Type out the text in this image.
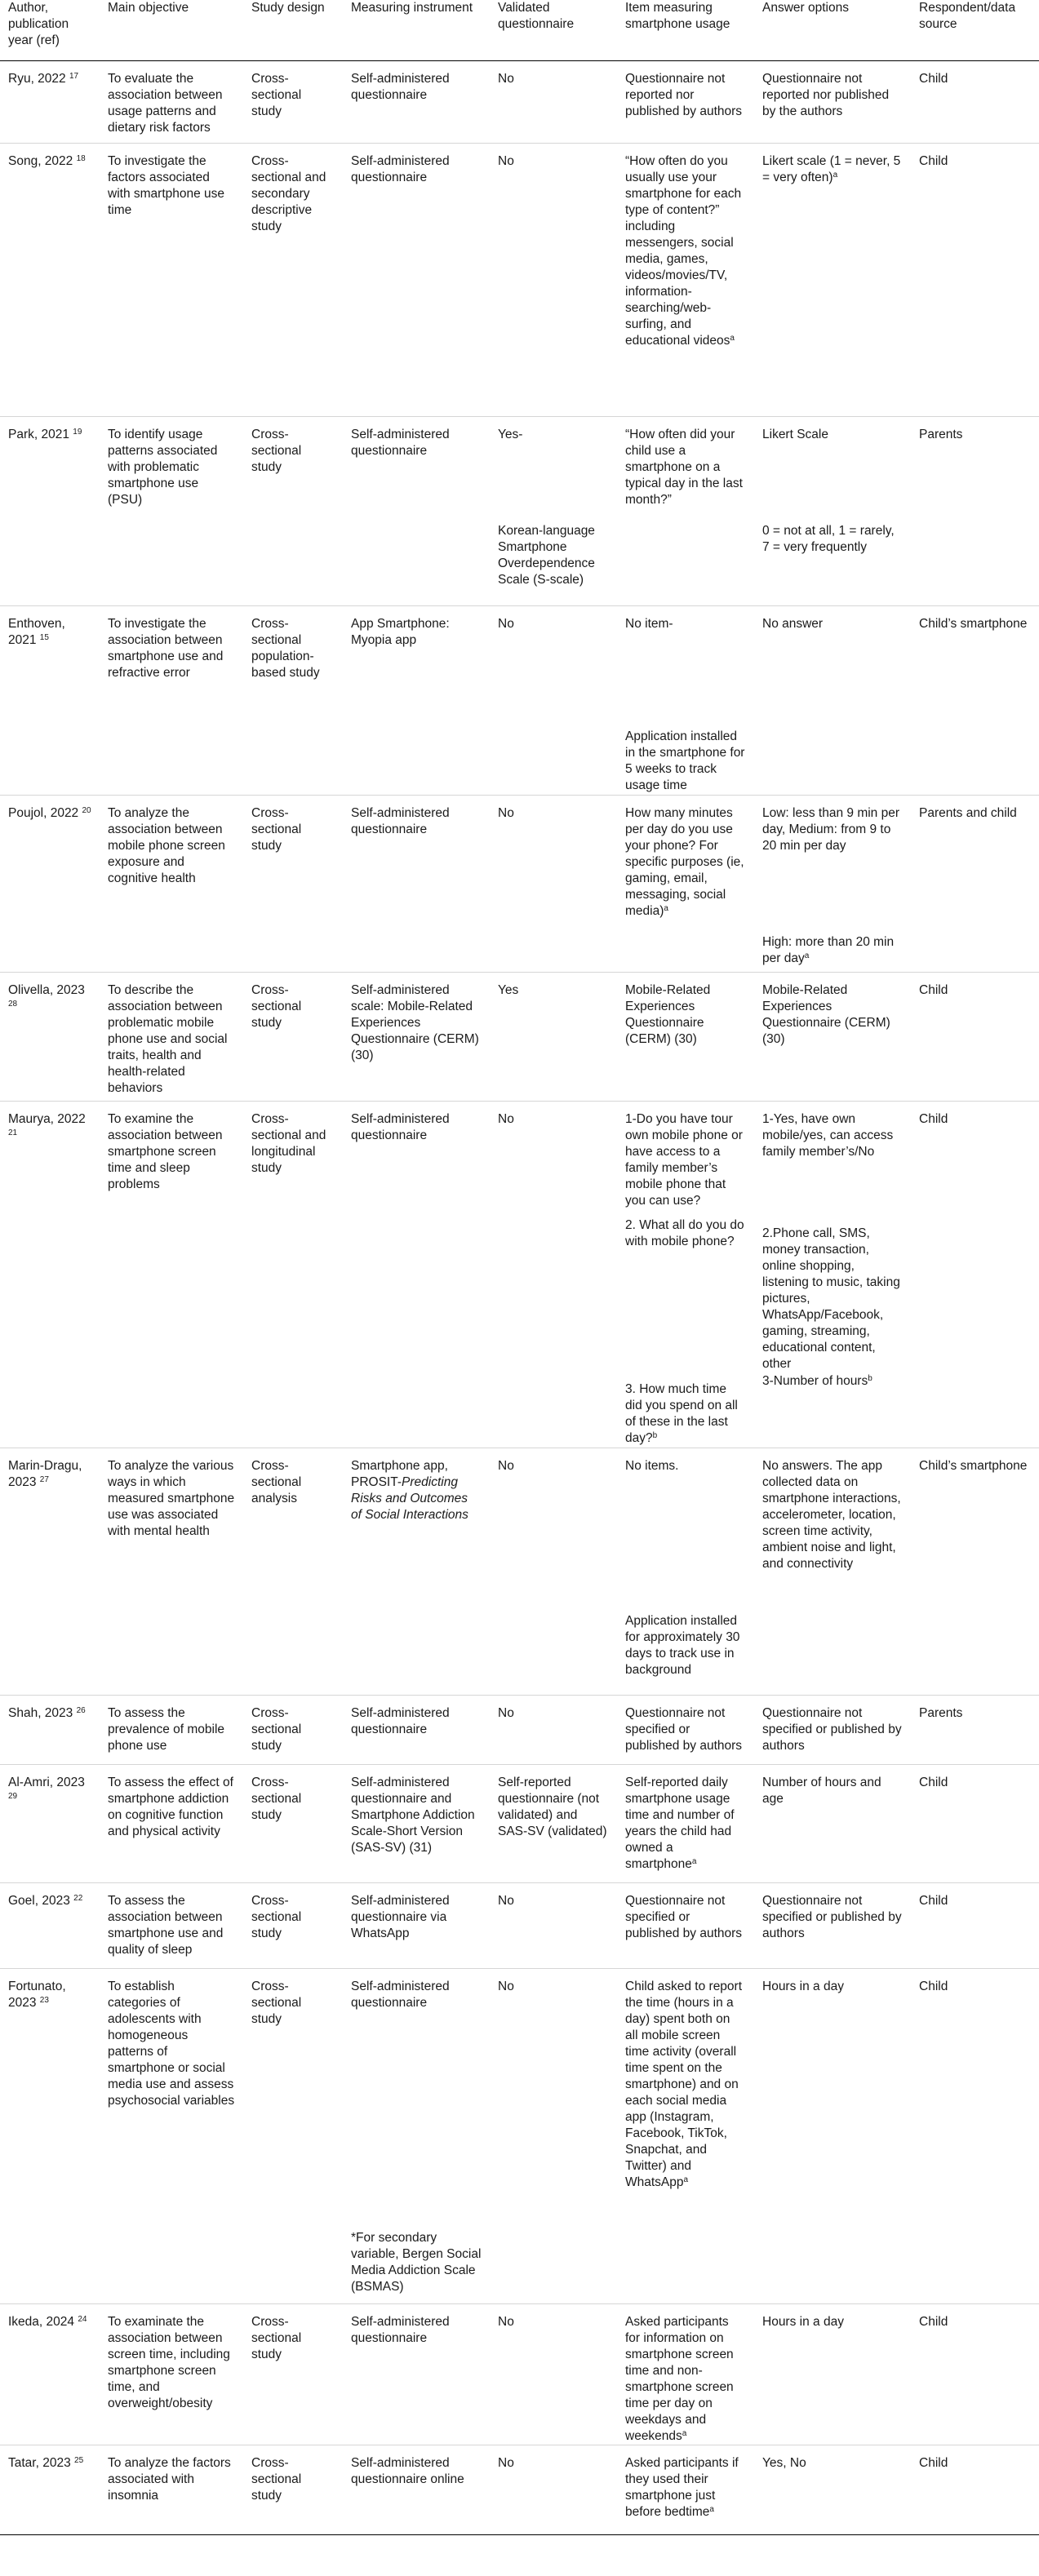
Author, publication year (ref)	Main objective	Study design	Measuring instrument	Validated questionnaire	Item measuring smartphone usage	Answer options	Respondent/data source
Ryu, 2022 $^{17}$	To evaluate the association between usage patterns and dietary risk factors	Cross-sectional study	Self-administered questionnaire	No	Questionnaire not reported nor published by authors	Questionnaire not reported nor published by the authors	Child
Song, 2022 $^{18}$	To investigate the factors associated with smartphone use time	Cross-sectional and secondary descriptive study	Self-administered questionnaire	No	“How often do you usually use your smartphone for each type of content?” including messengers, social media, games, videos/movies/TV, information-searching/web-surfing, and educational videos$^a$	Likert scale (1 = never, 5 = very often)$^a$	Child
Park, 2021 $^{19}$	To identify usage patterns associated with problematic smartphone use (PSU)	Cross-sectional study	Self-administered questionnaire	Yes-	“How often did your child use a smartphone on a typical day in the last month?”	Likert Scale	Parents
				Korean-language Smartphone Overdependence Scale (S-scale)		0 = not at all, 1 = rarely, 7 = very frequently	
Enthoven, 2021 $^{15}$	To investigate the association between smartphone use and refractive error	Cross-sectional population-based study	App Smartphone: Myopia app	No	No item-	No answer	Child’s smartphone
					Application installed in the smartphone for 5 weeks to track usage time		
Poujol, 2022 $^{20}$	To analyze the association between mobile phone screen exposure and cognitive health	Cross-sectional study	Self-administered questionnaire	No	How many minutes per day do you use your phone? For specific purposes (ie, gaming, email, messaging, social media)$^a$	Low: less than 9 min per day, Medium: from 9 to 20 min per day	Parents and child
						High: more than 20 min per day$^a$	
Olivella, 2023 $^{28}$	To describe the association between problematic mobile phone use and social traits, health and health-related behaviors	Cross-sectional study	Self-administered scale: Mobile-Related Experiences Questionnaire (CERM) (30)	Yes	Mobile-Related Experiences Questionnaire (CERM) (30)	Mobile-Related Experiences Questionnaire (CERM) (30)	Child
Maurya, 2022 $^{21}$	To examine the association between smartphone screen time and sleep problems	Cross-sectional and longitudinal study	Self-administered questionnaire	No	1-Do you have tour own mobile phone or have access to a family member’s mobile phone that you can use?	1-Yes, have own mobile/yes, can access family member’s/No	Child
					2. What all do you do with mobile phone?	2.Phone call, SMS, money transaction, online shopping, listening to music, taking pictures, WhatsApp/Facebook, gaming, streaming, educational content, other	
					3. How much time did you spend on all of these in the last day?$^b$	3-Number of hours$^b$	
Marin-Dragu, 2023 $^{27}$	To analyze the various ways in which measured smartphone use was associated with mental health	Cross-sectional analysis	Smartphone app, PROSIT-Predicting Risks and Outcomes of Social Interactions	No	No items.	No answers. The app collected data on smartphone interactions, accelerometer, location, screen time activity, ambient noise and light, and connectivity	Child’s smartphone
					Application installed for approximately 30 days to track use in background		
Shah, 2023 $^{26}$	To assess the prevalence of mobile phone use	Cross-sectional study	Self-administered questionnaire	No	Questionnaire not specified or published by authors	Questionnaire not specified or published by authors	Parents
Al-Amri, 2023 $^{29}$	To assess the effect of smartphone addiction on cognitive function and physical activity	Cross-sectional study	Self-administered questionnaire and Smartphone Addiction Scale-Short Version (SAS-SV) (31)	Self-reported questionnaire (not validated) and SAS-SV (validated)	Self-reported daily smartphone usage time and number of years the child had owned a smartphone$^a$	Number of hours and age	Child
Goel, 2023 $^{22}$	To assess the association between smartphone use and quality of sleep	Cross-sectional study	Self-administered questionnaire via WhatsApp	No	Questionnaire not specified or published by authors	Questionnaire not specified or published by authors	Child
Fortunato, 2023 $^{23}$	To establish categories of adolescents with homogeneous patterns of smartphone or social media use and assess psychosocial variables	Cross-sectional study	Self-administered questionnaire	No	Child asked to report the time (hours in a day) spent both on all mobile screen time activity (overall time spent on the smartphone) and on each social media app (Instagram, Facebook, TikTok, Snapchat, and Twitter) and WhatsApp$^a$	Hours in a day	Child
			*For secondary variable, Bergen Social Media Addiction Scale (BSMAS)				
Ikeda, 2024 $^{24}$	To examinate the association between screen time, including smartphone screen time, and overweight/obesity	Cross-sectional study	Self-administered questionnaire	No	Asked participants for information on smartphone screen time and non-smartphone screen time per day on weekdays and weekends$^a$	Hours in a day	Child
Tatar, 2023 $^{25}$	To analyze the factors associated with insomnia	Cross-sectional study	Self-administered questionnaire online	No	Asked participants if they used their smartphone just before bedtime$^a$	Yes, No	Child
